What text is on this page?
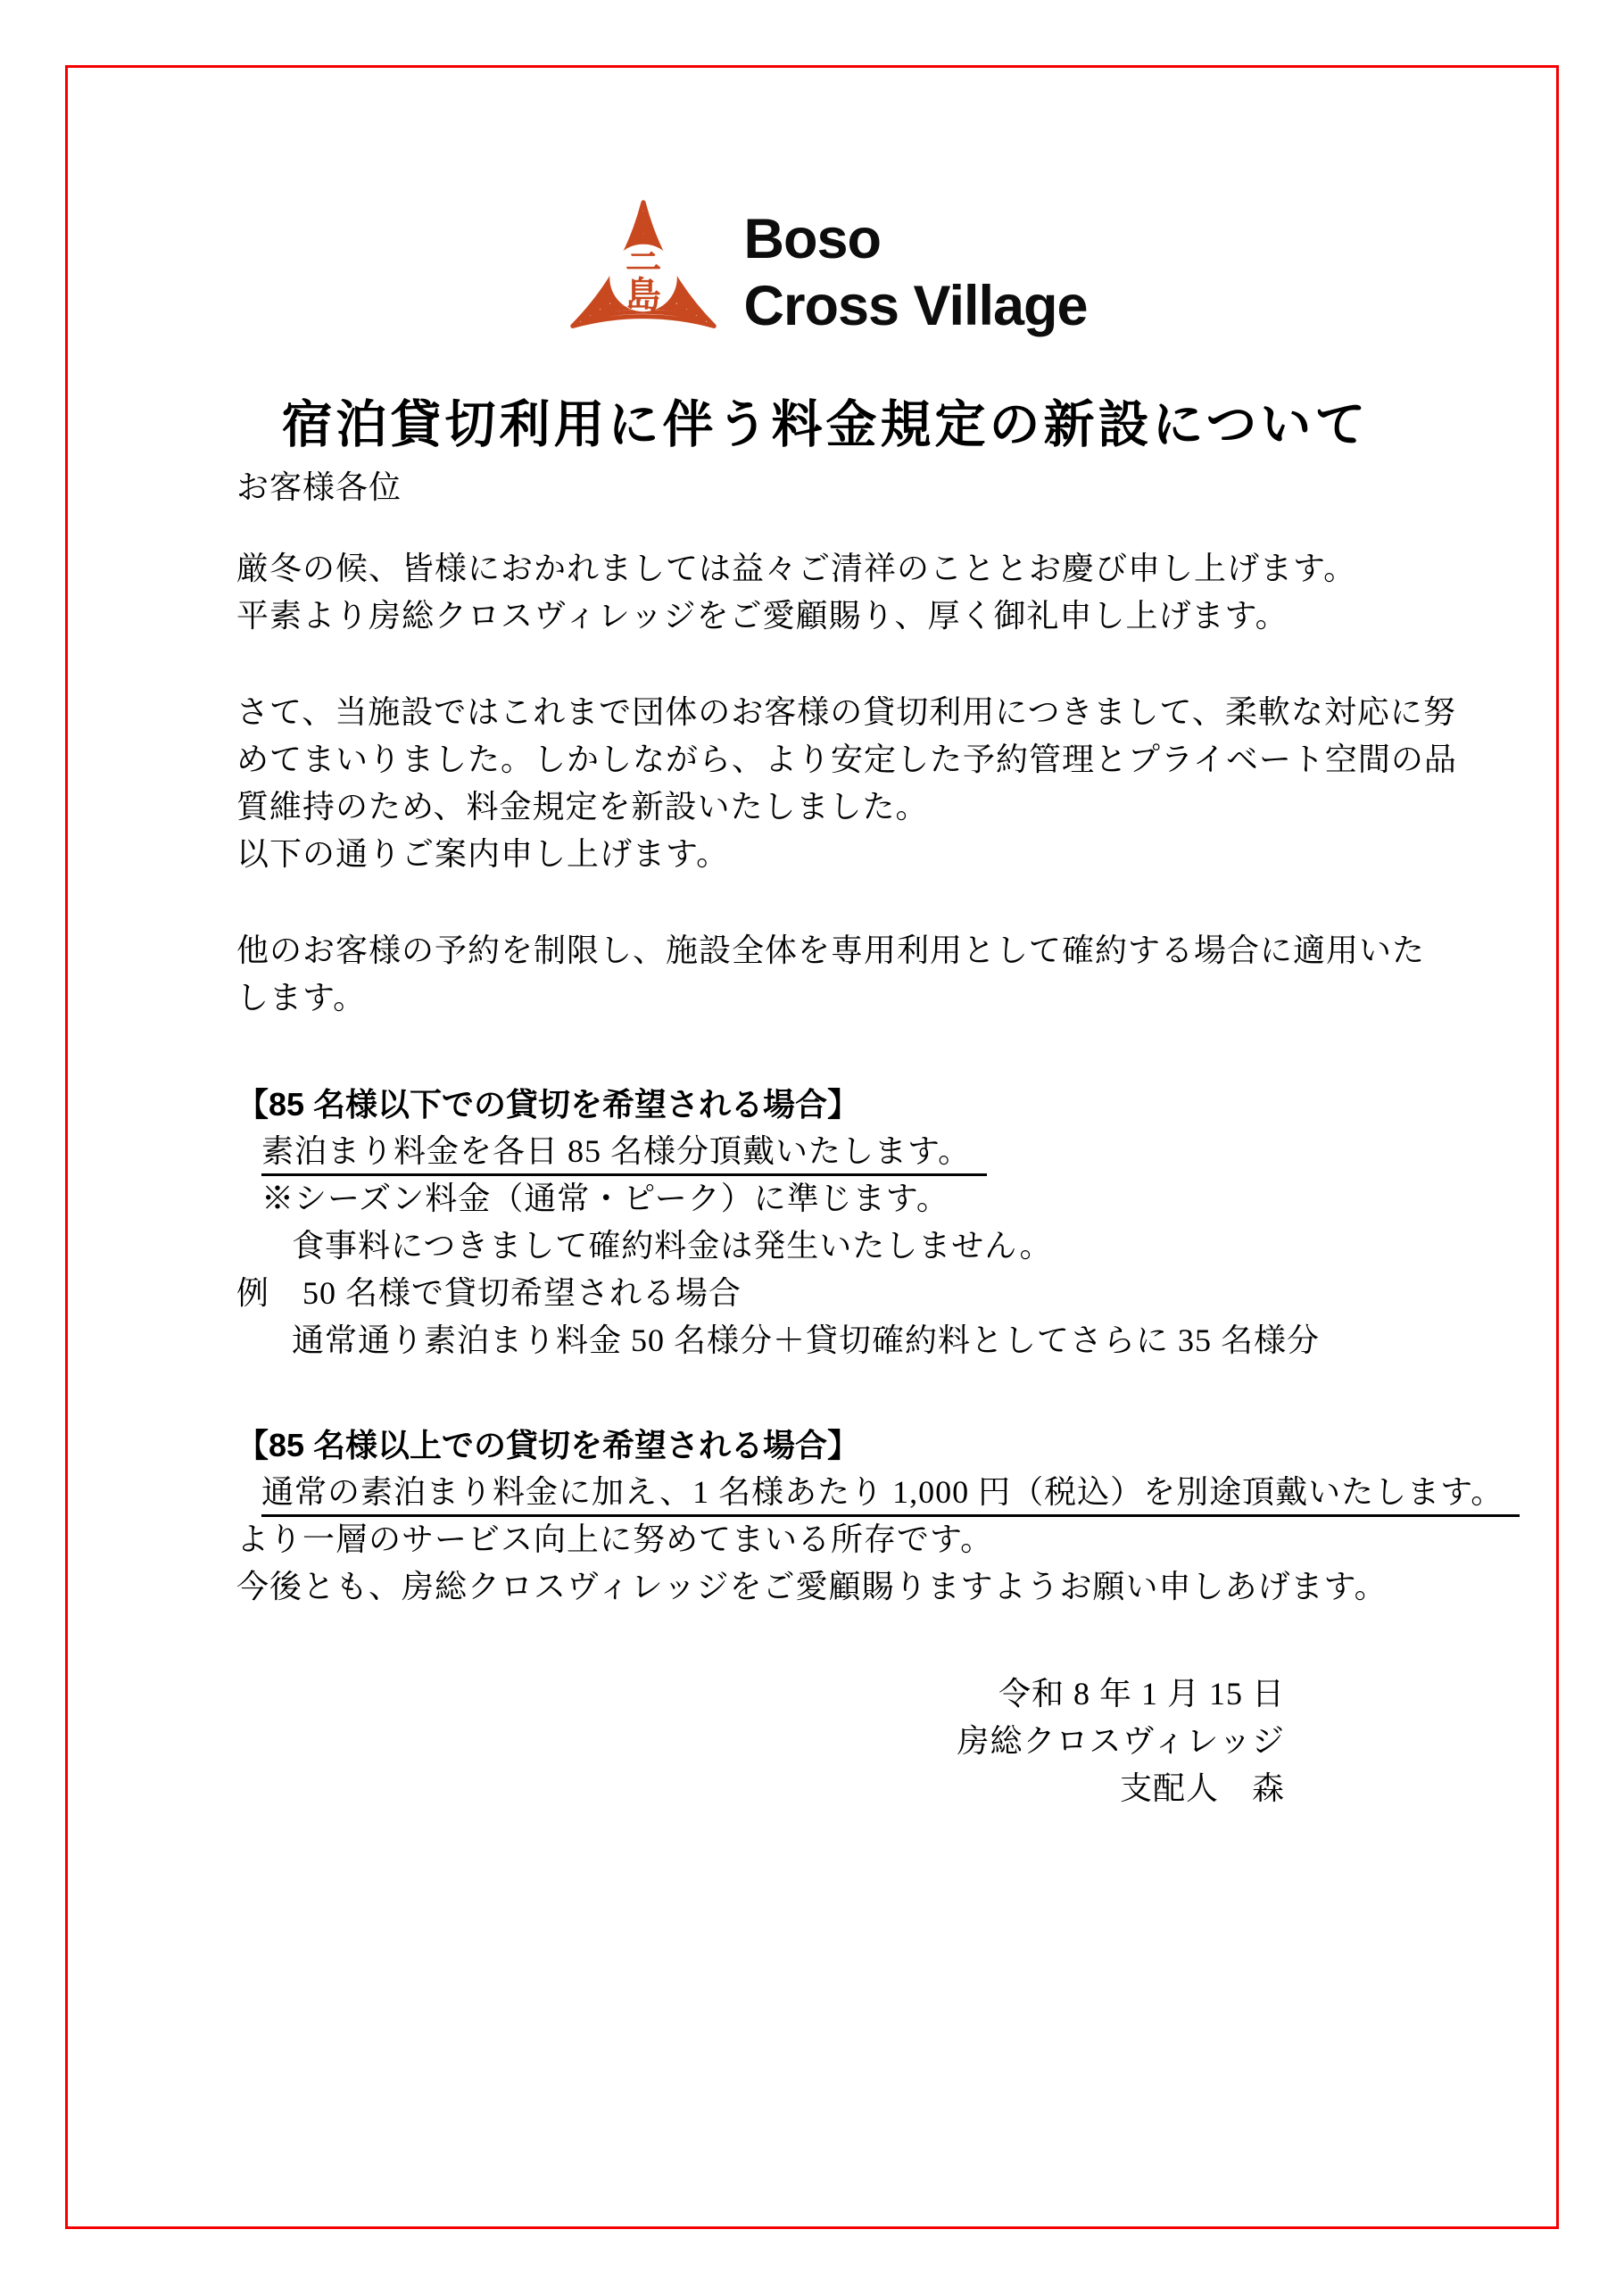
三
島
Boso
Cross Village
宿泊貸切利用に伴う料金規定の新設について

お客様各位

厳冬の候、皆様におかれましては益々ご清祥のこととお慶び申し上げます。

平素より房総クロスヴィレッジをご愛顧賜り、厚く御礼申し上げます。

さて、当施設ではこれまで団体のお客様の貸切利用につきまして、柔軟な対応に努

めてまいりました。しかしながら、より安定した予約管理とプライベート空間の品

質維持のため、料金規定を新設いたしました。

以下の通りご案内申し上げます。

他のお客様の予約を制限し、施設全体を専用利用として確約する場合に適用いた

します。

【85 名様以下での貸切を希望される場合】

素泊まり料金を各日 85 名様分頂戴いたします。

※シーズン料金（通常・ピーク）に準じます。

食事料につきまして確約料金は発生いたしません。

例　50 名様で貸切希望される場合

通常通り素泊まり料金 50 名様分＋貸切確約料としてさらに 35 名様分

【85 名様以上での貸切を希望される場合】

通常の素泊まり料金に加え、1 名様あたり 1,000 円（税込）を別途頂戴いたします。

より一層のサービス向上に努めてまいる所存です。

今後とも、房総クロスヴィレッジをご愛顧賜りますようお願い申しあげます。

令和 8 年 1 月 15 日

房総クロスヴィレッジ

支配人　森
